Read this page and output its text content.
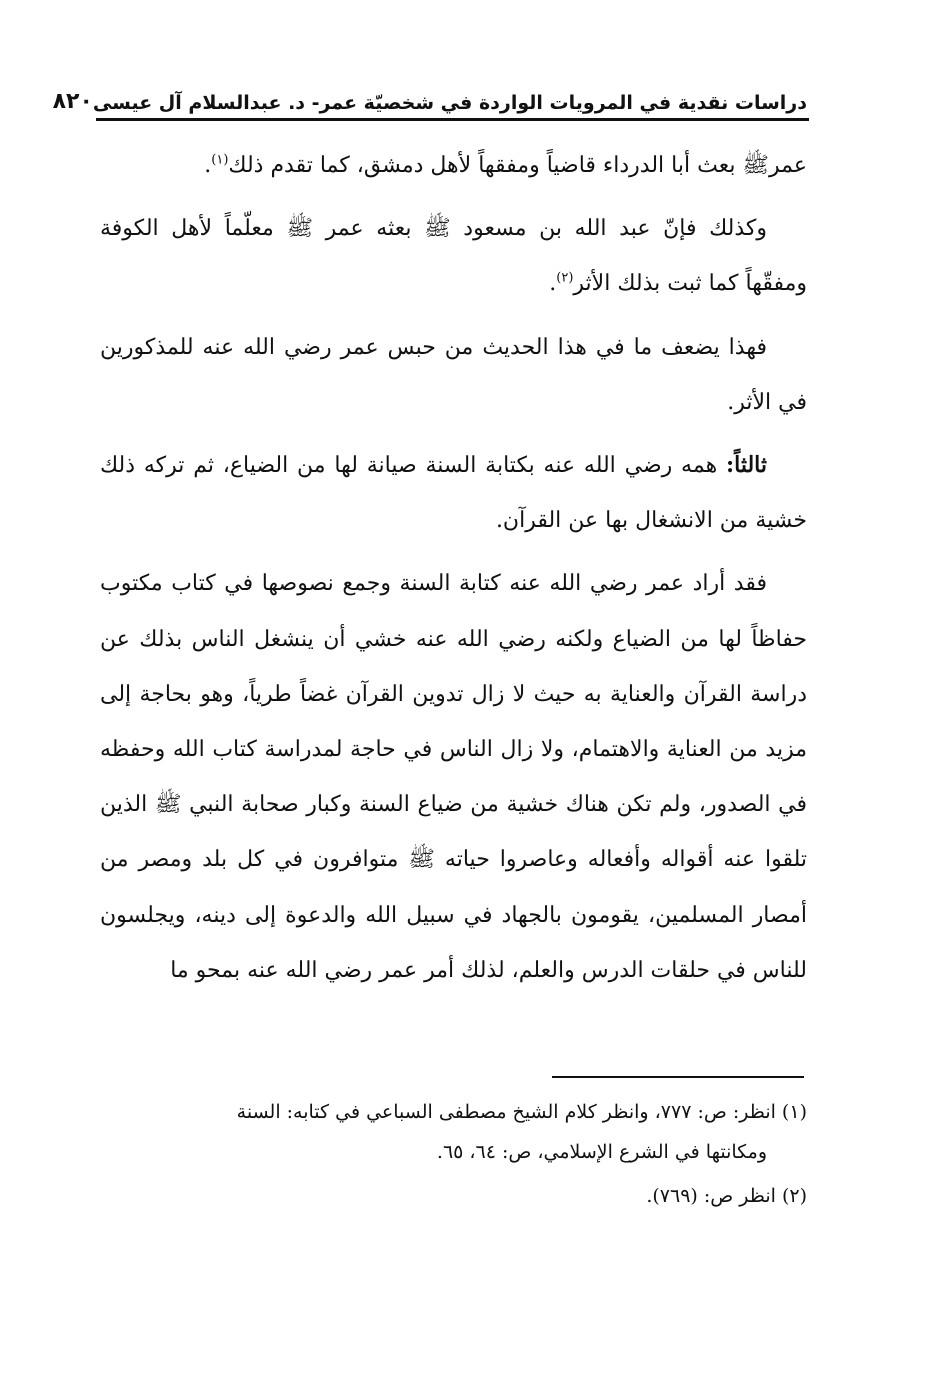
دراسات نقدية في المرويات الواردة في شخصيّة عمر- د. عبدالسلام آل عيسى
٨٢٠

عمرﷺ بعث أبا الدرداء قاضياً ومفقهاً لأهل دمشق، كما تقدم ذلك$^{(١)}$.

وكذلك فإنّ عبد الله بن مسعود ﷺ بعثه عمر ﷺ معلّماً لأهل الكوفة ومفقّهاً كما ثبت بذلك الأثر$^{(٢)}$.

فهذا يضعف ما في هذا الحديث من حبس عمر رضي الله عنه للمذكورين في الأثر.

ثالثاً: همه رضي الله عنه بكتابة السنة صيانة لها من الضياع، ثم تركه ذلك خشية من الانشغال بها عن القرآن.

فقد أراد عمر رضي الله عنه كتابة السنة وجمع نصوصها في كتاب مكتوب حفاظاً لها من الضياع ولكنه رضي الله عنه خشي أن ينشغل الناس بذلك عن دراسة القرآن والعناية به حيث لا زال تدوين القرآن غضاً طرياً، وهو بحاجة إلى مزيد من العناية والاهتمام، ولا زال الناس في حاجة لمدراسة كتاب الله وحفظه في الصدور، ولم تكن هناك خشية من ضياع السنة وكبار صحابة النبي ﷺ الذين تلقوا عنه أقواله وأفعاله وعاصروا حياته ﷺ متوافرون في كل بلد ومصر من أمصار المسلمين، يقومون بالجهاد في سبيل الله والدعوة إلى دينه، ويجلسون للناس في حلقات الدرس والعلم، لذلك أمر عمر رضي الله عنه بمحو ما

(١) انظر: ص: ٧٧٧، وانظر كلام الشيخ مصطفى السباعي في كتابه: السنة
ومكانتها في الشرع الإسلامي، ص: ٦٤، ٦٥.

(٢) انظر ص: (٧٦٩).
